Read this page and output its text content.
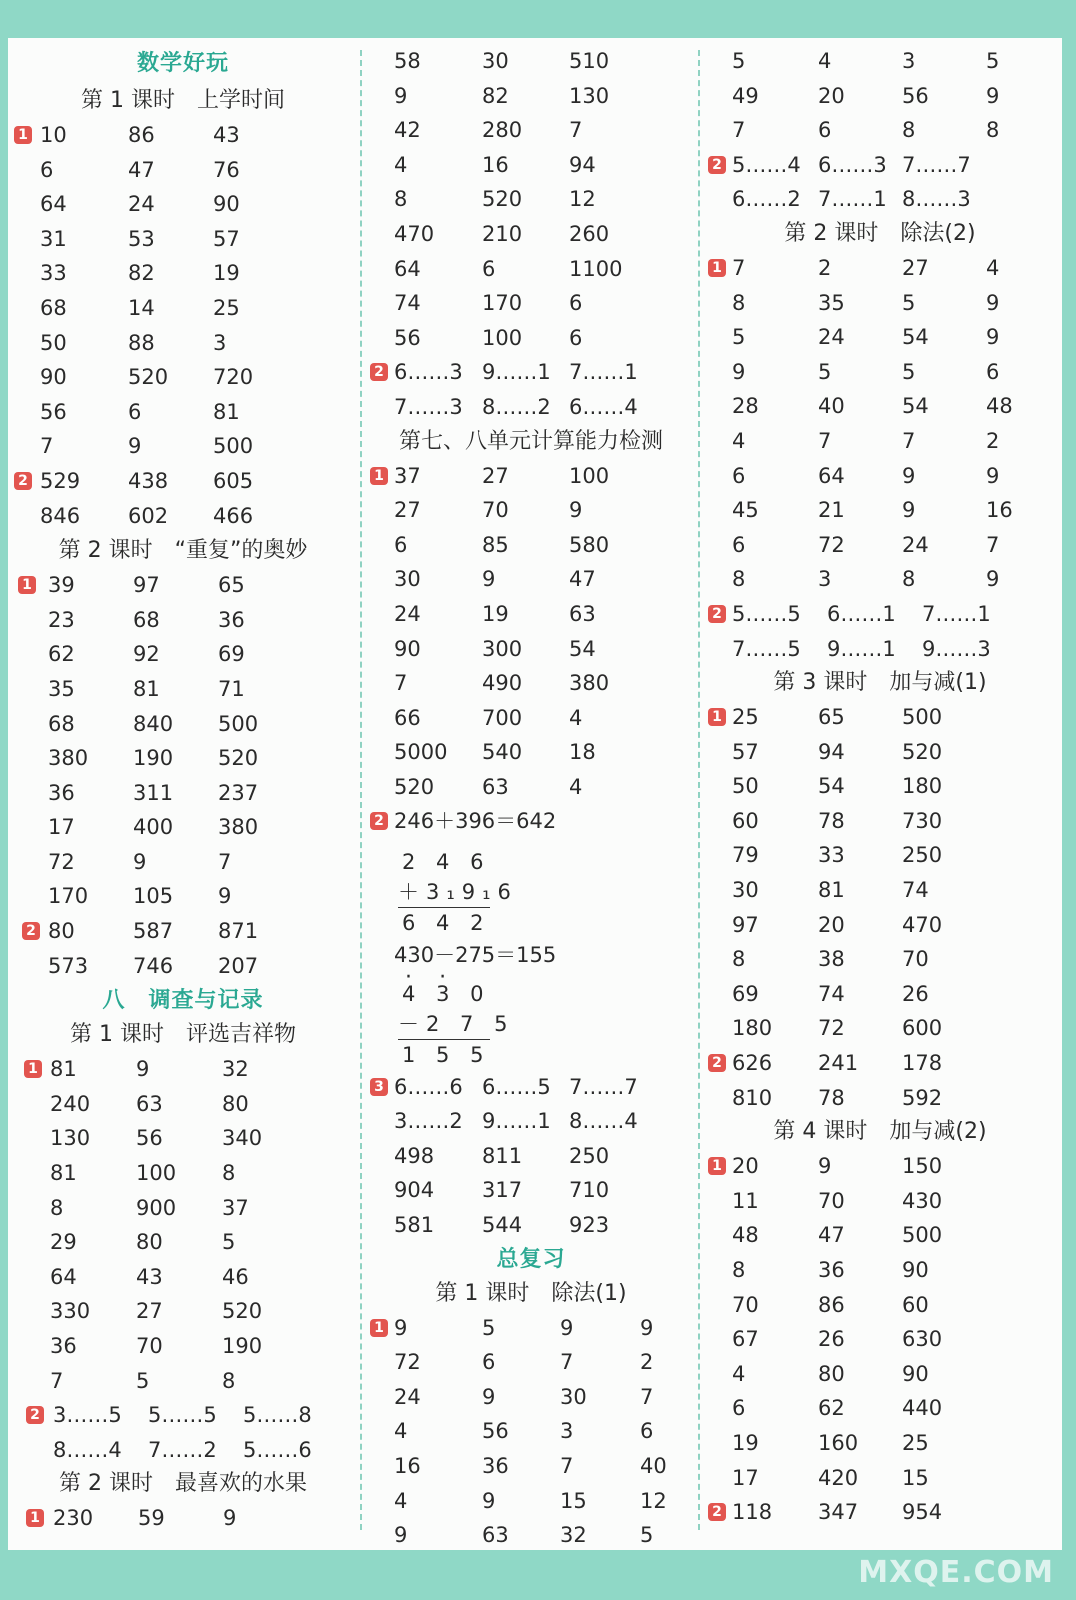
数学好玩
第 1 课时　上学时间
1 10	86	43
6	47	76
64	24	90
31	53	57
33	82	19
68	14	25
50	88	3
90	520 720
56	6	81
7	9	500
2 529 438 605
846 602 466
第 2 课时　“重复”的奥妙
1 39	97	65
23	68	36
62	92	69
35	81	71
68	840 500
380 190 520
36	311 237
17	400 380
72	9	7
170 105 9
2 80	587 871
573 746 207
八　调查与记录
第 1 课时　评选吉祥物
1 81	9	32
240 63	80
130 56	340
81	100 8
8	900 37
29	80	5
64	43	46
330 27	520
36	70	190
7	5	8
2 3……5 5……5 5……8
8……4 7……2 5……6
第 2 课时　最喜欢的水果
1 230 59	9
58	30	510
9	82	130
42	280 7
4	16	94
8	520 12
470 210 260
64	6	1100
74	170 6
56	100 6
2 6……3 9……1 7……1
7……3 8……2 6……4
第七、八单元计算能力检测
1 37	27	100
27	70	9
6	85	580
30	9	47
24	19	63
90	300 54
7	490 380
66	700 4
5000 540 18
520 63	4
2 246＋396＝642
2 4 6
＋3₁9₁6
6 4 2
430－275＝155
· 4 · 3 0
－2 7 5
1 5 5
3 6……6 6……5 7……7
3……2 9……1 8……4
498 811 250
904 317 710
581 544 923
总复习
第 1 课时　除法(1)
1 9	5	9	9
72	6	7	2
24	9	30	7
4	56 3	6
16	36 7	40
4	9	15	12
9	63 32	5
5	4	3	5
49	20	56	9
7	6	8	8
2 5……4 6……3 7……7
6……2 7……1 8……3
第 2 课时　除法(2)
1 7	2	27	4
8	35	5	9
5	24	54	9
9	5	5	6
28	40	54	48
4	7	7	2
6	64	9	9
45	21	9	16
6	72	24	7
8	3	8	9
2 5……5 6……1 7……1
7……5 9……1 9……3
第 3 课时　加与减(1)
1 25	65	500
57	94	520
50	54	180
60	78	730
79	33	250
30	81	74
97	20	470
8	38	70
69	74	26
180 72	600
2 626 241 178
810 78	592
第 4 课时　加与减(2)
1 20	9	150
11	70	430
48	47	500
8	36	90
70	86	60
67	26	630
4	80	90
6	62	440
19	160 25
17	420 15
2 118 347 954
MXQE.COM
